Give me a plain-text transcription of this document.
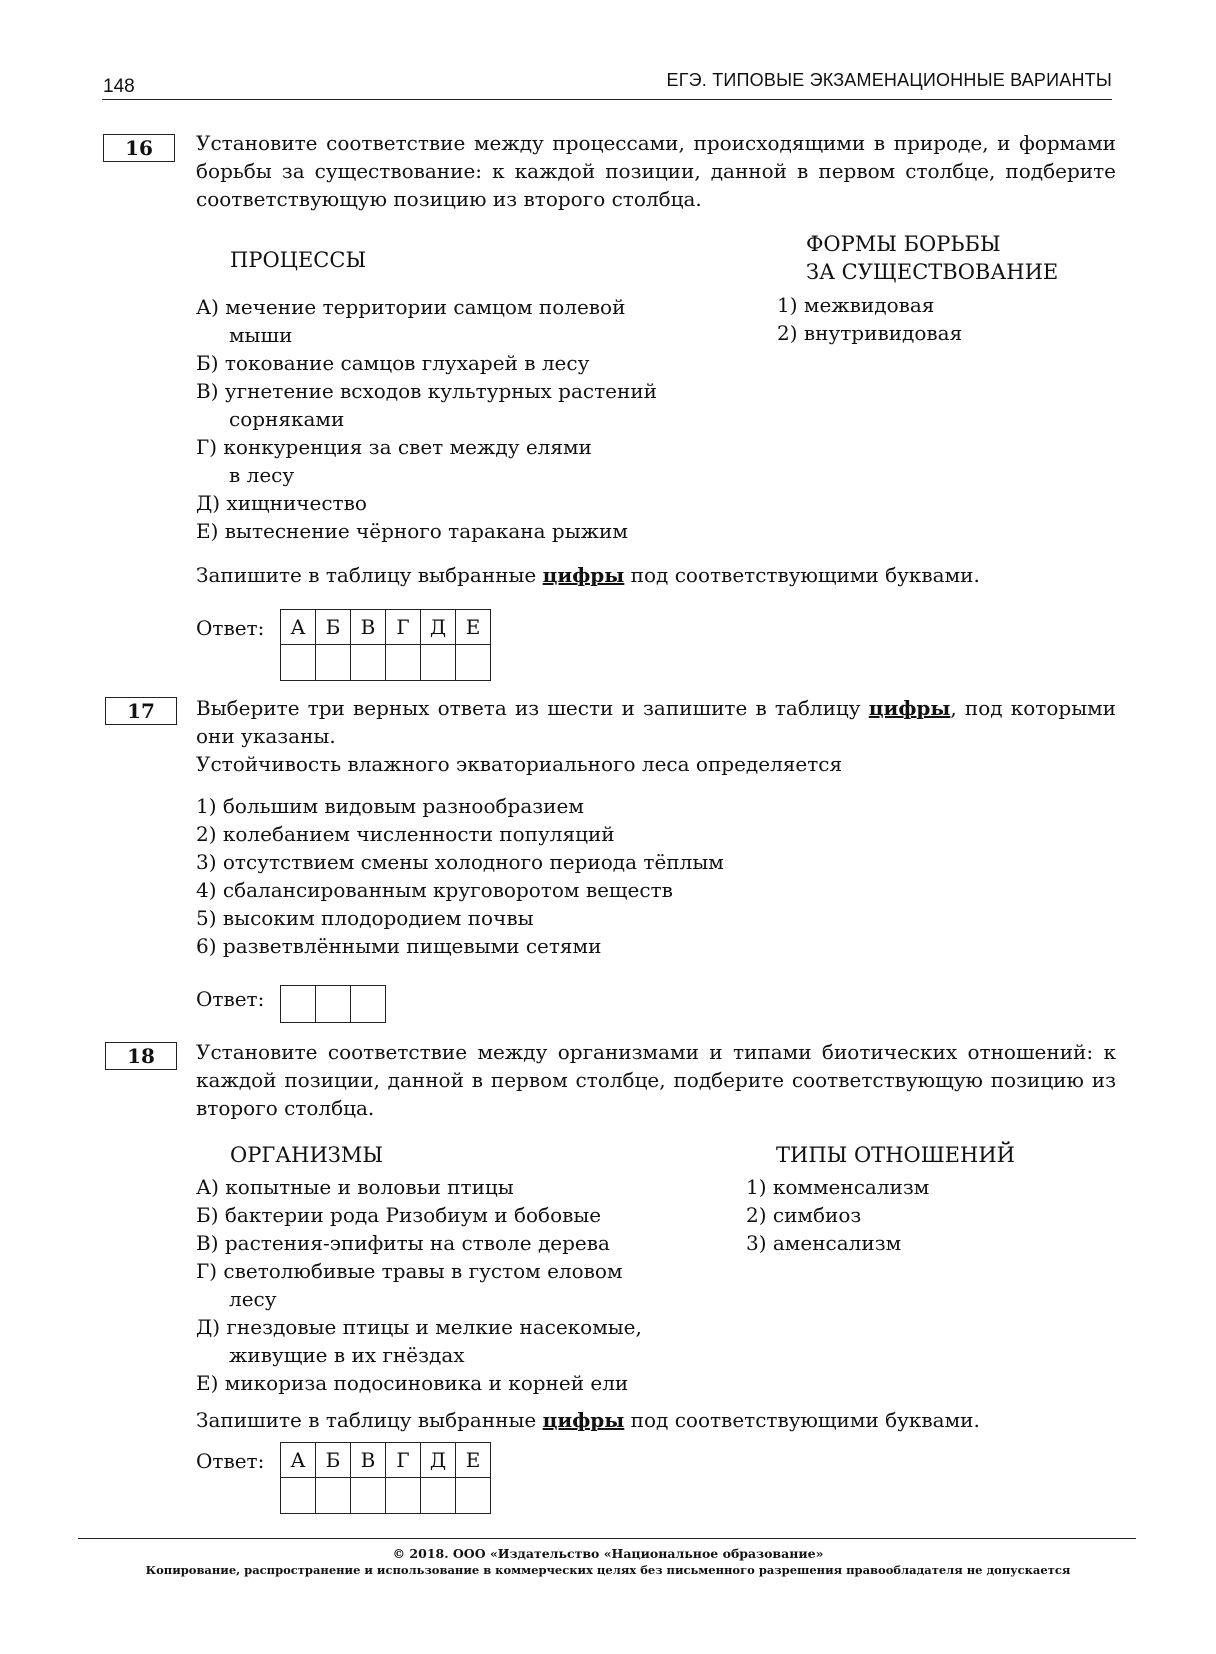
148	ЕГЭ. ТИПОВЫЕ ЭКЗАМЕНАЦИОННЫЕ ВАРИАНТЫ
16	Установите соответствие между процессами, происходящими в природе, и формами борьбы за существование: к каждой позиции, данной в первом столбце, подберите соответствующую позицию из второго столбца.
ПРОЦЕССЫ
ФОРМЫ БОРЬБЫ
ЗА СУЩЕСТВОВАНИЕ
А) мечение территории самцом полевой
мыши
Б) токование самцов глухарей в лесу
В) угнетение всходов культурных растений
сорняками
Г) конкуренция за свет между елями
в лесу
Д) хищничество
Е) вытеснение чёрного таракана рыжим
1) межвидовая
2) внутривидовая
Запишите в таблицу выбранные цифры под соответствующими буквами.
Ответ: А	Б	В	Г	Д	Е

17	Выберите три верных ответа из шести и запишите в таблицу цифры, под которыми они указаны.
Устойчивость влажного экваториального леса определяется
1) большим видовым разнообразием
2) колебанием численности популяций
3) отсутствием смены холодного периода тёплым
4) сбалансированным круговоротом веществ
5) высоким плодородием почвы
6) разветвлёнными пищевыми сетями
Ответ:

18	Установите соответствие между организмами и типами биотических отношений: к каждой позиции, данной в первом столбце, подберите соответствующую позицию из второго столбца.
ОРГАНИЗМЫ	ТИПЫ ОТНОШЕНИЙ
А) копытные и воловьи птицы
Б) бактерии рода Ризобиум и бобовые
В) растения-эпифиты на стволе дерева
Г) светолюбивые травы в густом еловом
лесу
Д) гнездовые птицы и мелкие насекомые,
живущие в их гнёздах
Е) микориза подосиновика и корней ели
1) комменсализм
2) симбиоз
3) аменсализм
Запишите в таблицу выбранные цифры под соответствующими буквами.
Ответ: А	Б	В	Г	Д	Е

© 2018. ООО «Издательство «Национальное образование»
Копирование, распространение и использование в коммерческих целях без письменного разрешения правообладателя не допускается
